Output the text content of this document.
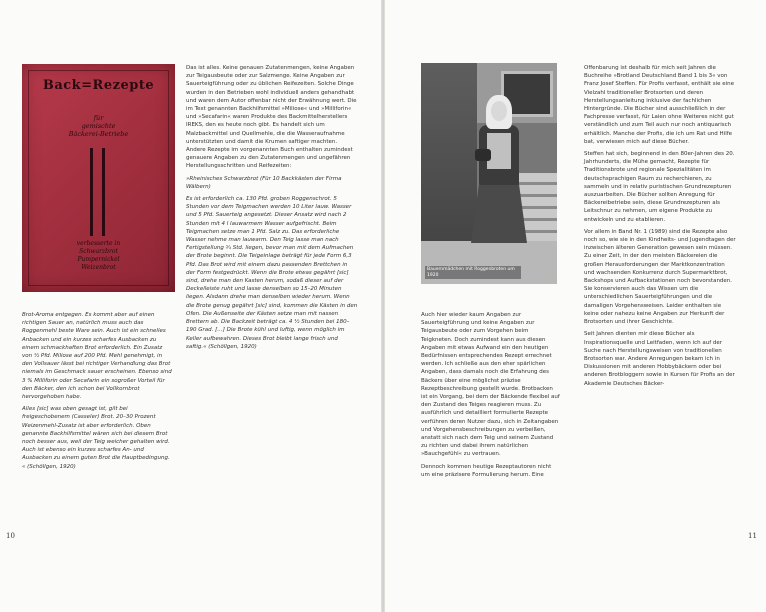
Back=Rezepte
für
gemischte
Bäckerei-Betriebe
verbesserte in
Schwarzbrot
Pumpernickel
Weizenbrot	Bauernmädchen mit Roggenbroten um 1920

Brot-Aroma entgegen. Es kommt aber auf einen richtigen Sauer an, natürlich muss auch das Roggenmehl beste Ware sein. Auch ist ein schnelles Anbacken und ein kurzes scharfes Ausbacken zu einem schmackhaften Brot erforderlich. Ein Zusatz von ½ Pfd. Miliose auf 200 Pfd. Mehl genehmigt, in den Vollsauer lässt bei richtiger Verhandlung das Brot niemals im Geschmack sauer erscheinen. Ebenso sind 3 % Milliforin oder Secafarin ein sogroßer Vorteil für den Bäcker, den ich schon bei Vollkornbrot hervorgehoben habe.

Alles [sic] was oben gesagt ist, gilt bei freigeschobenem (Casseler) Brot. 20–30 Prozent Weizenmehl-Zusatz ist aber erforderlich. Oben genannte Backhilfsmittel wären sich bei diesem Brot noch besser aus, weil der Teig weicher gehalten wird. Auch ist ebenso ein kurzes scharfes An- und Ausbacken zu einem guten Brot die Hauptbedingung. « (Schöllgen, 1920)

Das ist alles. Keine genauen Zutatenmengen, keine Angaben zur Teigausbeute oder zur Salzmenge. Keine Angaben zur Sauerteigführung oder zu üblichen Reifezeiten. Solche Dinge wurden in den Betrieben wohl individuell anders gehandhabt und waren dem Autor offenbar nicht der Erwähnung wert. Die im Text genannten Backhilfsmittel »Miliose« und »Milliforin« und »Secafarin« waren Produkte des Backmittelherstellers IREKS, den es heute noch gibt. Es handelt sich um Malzbackmittel und Quellmehle, die die Wasseraufnahme unterstützten und damit die Krumen saftiger machten. Andere Rezepte im vorgenannten Buch enthalten zumindest genauere Angaben zu den Zutatenmengen und ungefähren Herstellungsschritten und Reifezeiten:

»Rheinisches Schwarzbrot (Für 10 Backkästen der Firma Wälbern)

Es ist erforderlich ca. 130 Pfd. groben Roggenschrot. 5 Stunden vor dem Teigmachen werden 10 Liter lauw. Wasser und 5 Pfd. Sauerteig angesetzt. Dieser Ansatz wird nach 2 Stunden mit 4 l lauwarmem Wasser aufgefrischt. Beim Teigmachen setze man 1 Pfd. Salz zu. Das erforderliche Wasser nehme man lauwarm. Den Teig lasse man nach Fertigstellung ¾ Std. liegen, bevor man mit dem Aufmachen der Brote beginnt. Die Teigeinlage beträgt für jede Form 6,3 Pfd. Das Brot wird mit einem dazu passenden Brettchen in der Form festgedrückt. Wenn die Brote etwas gegährt [sic] sind, drehe man den Kasten herum, sodaß dieser auf der Deckelleiste ruht und lasse denselben so 15–20 Minuten liegen. Alsdann drehe man denselben wieder herum. Wenn die Brote genug gegährt [sic] sind, kommen die Kästen in den Ofen. Die Außenseite der Kästen setze man mit nassen Brettern ab. Die Backzeit beträgt ca. 4 ½ Stunden bei 180–190 Grad. […] Die Brote kühl und luftig, wenn möglich im Keller aufbewahren. Dieses Brot bleibt lange frisch und saftig.« (Schöllgen, 1920)

10

Auch hier wieder kaum Angaben zur Sauerteigführung und keine Angaben zur Teigausbeute oder zum Vorgehen beim Teigkneten. Doch zumindest kann aus diesen Angaben mit etwas Aufwand ein den heutigen Bedürfnissen entsprechendes Rezept errechnet werden. Ich schließe aus den eher spärlichen Angaben, dass damals noch die Erfahrung des Bäckers über eine möglichst präzise Rezeptbeschreibung gestellt wurde. Brotbacken ist ein Vorgang, bei dem der Bäckende flexibel auf den Zustand des Teiges reagieren muss. Zu ausführlich und detailliert formulierte Rezepte verführen deren Nutzer dazu, sich in Zeitangaben und Vorgehensbeschreibungen zu verbeißen, anstatt sich nach dem Teig und seinem Zustand zu richten und dabei ihrem natürlichen »Bauchgefühl« zu vertrauen.

Dennoch kommen heutige Rezeptautoren nicht um eine präzisere Formulierung herum. Eine

Offenbarung ist deshalb für mich seit Jahren die Buchreihe »Brotland Deutschland Band 1 bis 3« von Franz Josef Steffen. Für Profis verfasst, enthält sie eine Vielzahl traditioneller Brotsorten und deren Herstellungsanleitung inklusive der fachlichen Hintergründe. Die Bücher sind ausschließlich in der Fachpresse verfasst, für Laien ohne Weiteres nicht gut verständlich und zum Teil auch nur noch antiquarisch erhältlich. Manche der Profis, die ich um Rat und Hilfe bat, verwiesen mich auf diese Bücher.

Steffen hat sich, beginnend in den 80er-Jahren des 20. Jahrhunderts, die Mühe gemacht, Rezepte für Traditionsbrote und regionale Spezialitäten im deutschsprachigen Raum zu recherchieren, zu sammeln und in relativ puristischen Grundrezepturen auszuarbeiten. Die Bücher sollten Anregung für Bäckereibetriebe sein, diese Grundrezepturen als Leitschnur zu nehmen, um eigene Produkte zu entwickeln und zu etablieren.

Vor allem in Band Nr. 1 (1989) sind die Rezepte also noch so, wie sie in den Kindheits- und Jugendtagen der inzwischen älteren Generation gewesen sein müssen. Zu einer Zeit, in der den meisten Bäckereien die großen Herausforderungen der Marktkonzentration und wachsenden Konkurrenz durch Supermarktbrot, Backshops und Aufbackstationen noch bevorstanden. Sie konservieren auch das Wissen um die unterschiedlichen Sauerteigführungen und die damaligen Vorgehensweisen. Leider enthalten sie keine oder nahezu keine Angaben zur Herkunft der Brotsorten und ihrer Geschichte.

Seit Jahren dienten mir diese Bücher als Inspirationsquelle und Leitfaden, wenn ich auf der Suche nach Herstellungsweisen von traditionellen Brotsorten war. Andere Anregungen bekam ich in Diskussionen mit anderen Hobbybäckern oder bei anderen Brotbloggern sowie in Kursen für Profis an der Akademie Deutsches Bäcker-

11
